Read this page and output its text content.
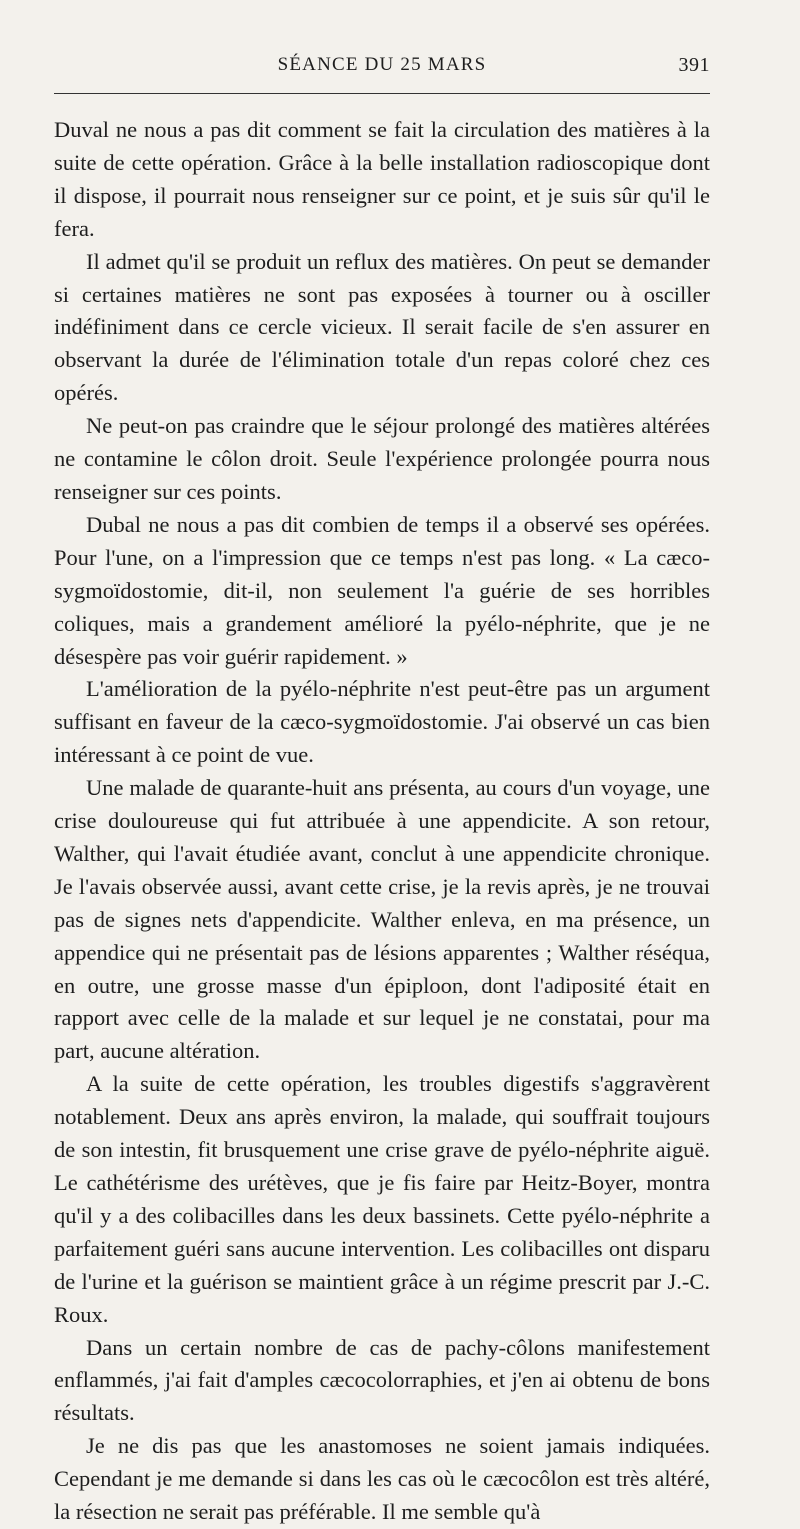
SÉANCE DU 25 MARS	391

Duval ne nous a pas dit comment se fait la circulation des matières à la suite de cette opération. Grâce à la belle installation radioscopique dont il dispose, il pourrait nous renseigner sur ce point, et je suis sûr qu'il le fera.

Il admet qu'il se produit un reflux des matières. On peut se demander si certaines matières ne sont pas exposées à tourner ou à osciller indéfiniment dans ce cercle vicieux. Il serait facile de s'en assurer en observant la durée de l'élimination totale d'un repas coloré chez ces opérés.

Ne peut-on pas craindre que le séjour prolongé des matières altérées ne contamine le côlon droit. Seule l'expérience prolongée pourra nous renseigner sur ces points.

Dubal ne nous a pas dit combien de temps il a observé ses opérées. Pour l'une, on a l'impression que ce temps n'est pas long. « La cæco-sygmoïdostomie, dit-il, non seulement l'a guérie de ses horribles coliques, mais a grandement amélioré la pyélo-néphrite, que je ne désespère pas voir guérir rapidement. »

L'amélioration de la pyélo-néphrite n'est peut-être pas un argument suffisant en faveur de la cæco-sygmoïdostomie. J'ai observé un cas bien intéressant à ce point de vue.

Une malade de quarante-huit ans présenta, au cours d'un voyage, une crise douloureuse qui fut attribuée à une appendicite. A son retour, Walther, qui l'avait étudiée avant, conclut à une appendicite chronique. Je l'avais observée aussi, avant cette crise, je la revis après, je ne trouvai pas de signes nets d'appendicite. Walther enleva, en ma présence, un appendice qui ne présentait pas de lésions apparentes ; Walther réséqua, en outre, une grosse masse d'un épiploon, dont l'adiposité était en rapport avec celle de la malade et sur lequel je ne constatai, pour ma part, aucune altération.

A la suite de cette opération, les troubles digestifs s'aggravèrent notablement. Deux ans après environ, la malade, qui souffrait toujours de son intestin, fit brusquement une crise grave de pyélo-néphrite aiguë. Le cathétérisme des urétèves, que je fis faire par Heitz-Boyer, montra qu'il y a des colibacilles dans les deux bassinets. Cette pyélo-néphrite a parfaitement guéri sans aucune intervention. Les colibacilles ont disparu de l'urine et la guérison se maintient grâce à un régime prescrit par J.-C. Roux.

Dans un certain nombre de cas de pachy-côlons manifestement enflammés, j'ai fait d'amples cæcocolorraphies, et j'en ai obtenu de bons résultats.

Je ne dis pas que les anastomoses ne soient jamais indiquées. Cependant je me demande si dans les cas où le cæcocôlon est très altéré, la résection ne serait pas préférable. Il me semble qu'à
